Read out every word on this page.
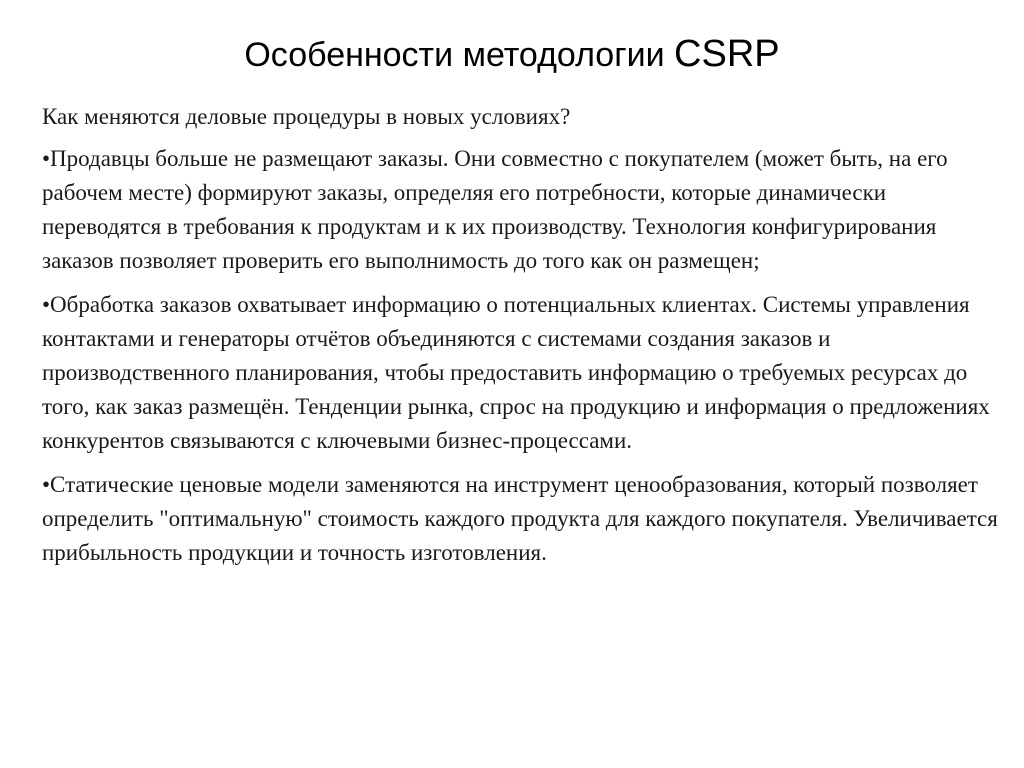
Особенности методологии CSRP

Как меняются деловые процедуры в новых условиях?

•Продавцы больше не размещают заказы. Они совместно с покупателем (может быть, на его рабочем месте) формируют заказы, определяя его потребности, которые динамически переводятся в требования к продуктам и к их производству. Технология конфигурирования заказов позволяет проверить его выполнимость до того как он размещен;

•Обработка заказов охватывает информацию о потенциальных клиентах. Системы управления контактами и генераторы отчётов объединяются с системами создания заказов и производственного планирования, чтобы предоставить информацию о требуемых ресурсах до того, как заказ размещён. Тенденции рынка, спрос на продукцию и информация о предложениях конкурентов связываются с ключевыми бизнес-процессами.

•Статические ценовые модели заменяются на инструмент ценообразования, который позволяет определить "оптимальную" стоимость каждого продукта для каждого покупателя. Увеличивается прибыльность продукции и точность изготовления.
